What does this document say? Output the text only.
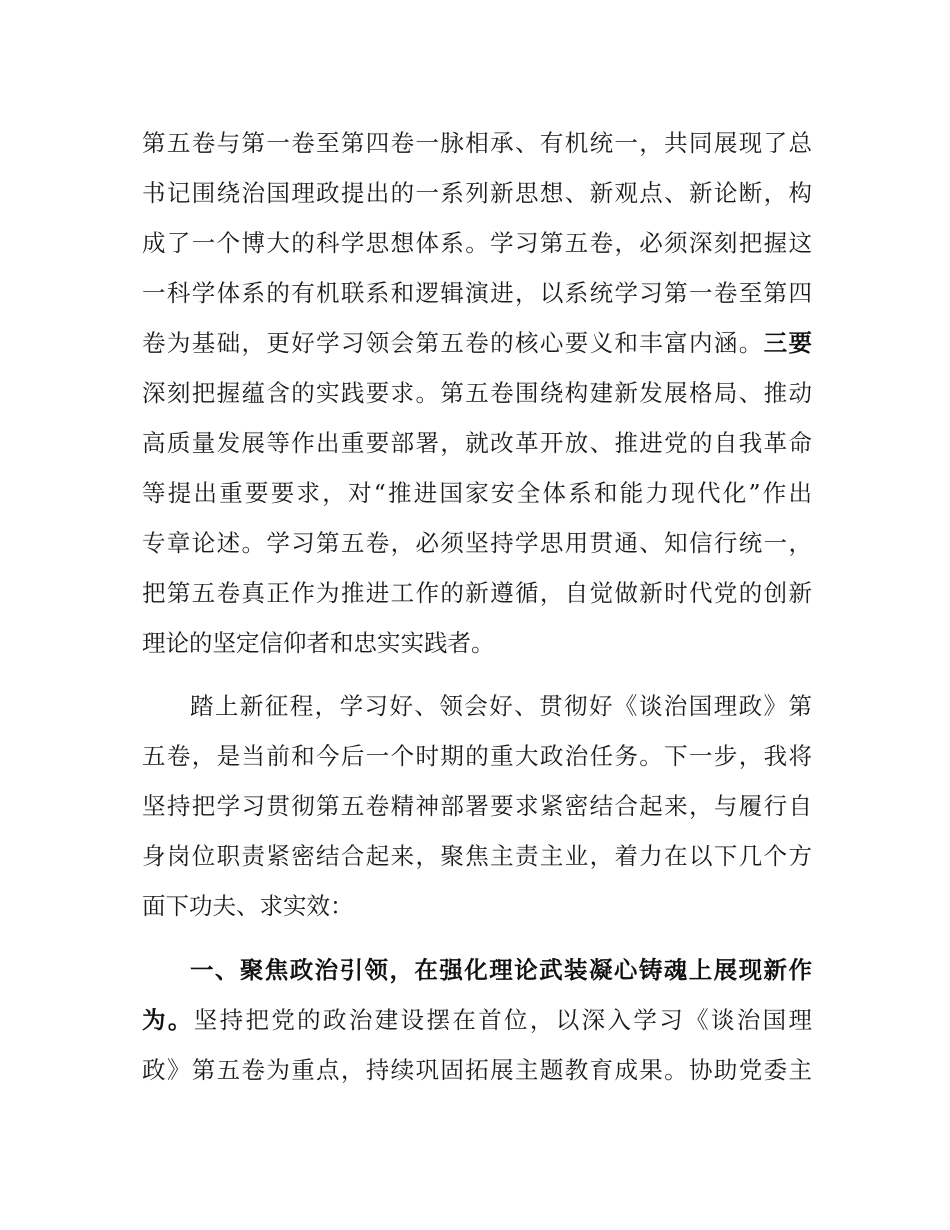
第五卷与第一卷至第四卷一脉相承、有机统一，共同展现了总
书记围绕治国理政提出的一系列新思想、新观点、新论断，构
成了一个博大的科学思想体系。学习第五卷，必须深刻把握这
一科学体系的有机联系和逻辑演进，以系统学习第一卷至第四
卷为基础，更好学习领会第五卷的核心要义和丰富内涵。三要
深刻把握蕴含的实践要求。第五卷围绕构建新发展格局、推动
高质量发展等作出重要部署，就改革开放、推进党的自我革命
等提出重要要求，对“推进国家安全体系和能力现代化”作出
专章论述。学习第五卷，必须坚持学思用贯通、知信行统一，
把第五卷真正作为推进工作的新遵循，自觉做新时代党的创新
理论的坚定信仰者和忠实实践者。
踏上新征程，学习好、领会好、贯彻好《谈治国理政》第
五卷，是当前和今后一个时期的重大政治任务。下一步，我将
坚持把学习贯彻第五卷精神部署要求紧密结合起来，与履行自
身岗位职责紧密结合起来，聚焦主责主业，着力在以下几个方
面下功夫、求实效：
一、聚焦政治引领，在强化理论武装凝心铸魂上展现新作
为。坚持把党的政治建设摆在首位，以深入学习《谈治国理
政》第五卷为重点，持续巩固拓展主题教育成果。协助党委主
